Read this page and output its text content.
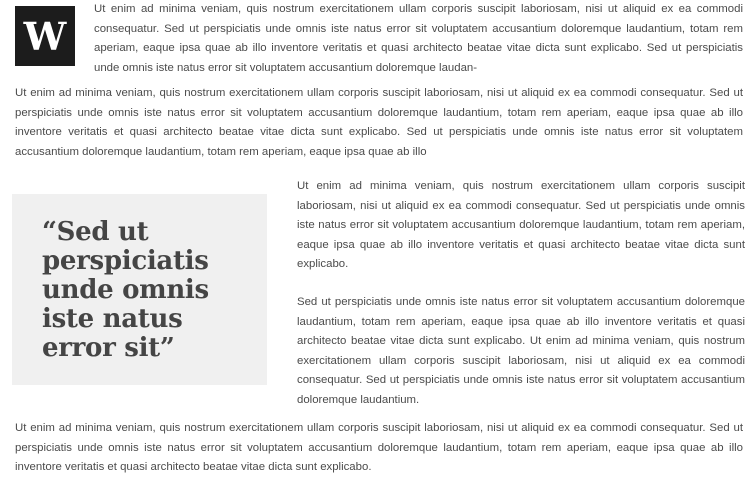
W

Ut enim ad minima veniam, quis nostrum exercitationem ullam corporis suscipit laboriosam, nisi ut aliquid ex ea commodi consequatur. Sed ut perspiciatis unde omnis iste natus error sit voluptatem accusantium doloremque laudantium, totam rem aperiam, eaque ipsa quae ab illo inventore veritatis et quasi architecto beatae vitae dicta sunt explicabo. Sed ut perspiciatis unde omnis iste natus error sit voluptatem accusantium doloremque laudan-

Ut enim ad minima veniam, quis nostrum exercitationem ullam corporis suscipit laboriosam, nisi ut aliquid ex ea commodi consequatur. Sed ut perspiciatis unde omnis iste natus error sit voluptatem accusantium doloremque laudantium, totam rem aperiam, eaque ipsa quae ab illo inventore veritatis et quasi architecto beatae vitae dicta sunt explicabo. Sed ut perspiciatis unde omnis iste natus error sit voluptatem accusantium doloremque laudantium, totam rem aperiam, eaque ipsa quae ab illo

“Sed ut perspiciatis unde omnis iste natus error sit”

Ut enim ad minima veniam, quis nostrum exercitationem ullam corporis suscipit laboriosam, nisi ut aliquid ex ea commodi consequatur. Sed ut perspiciatis unde omnis iste natus error sit voluptatem accusantium doloremque laudantium, totam rem aperiam, eaque ipsa quae ab illo inventore veritatis et quasi architecto beatae vitae dicta sunt explicabo.

Sed ut perspiciatis unde omnis iste natus error sit voluptatem accusantium doloremque laudantium, totam rem aperiam, eaque ipsa quae ab illo inventore veritatis et quasi architecto beatae vitae dicta sunt explicabo. Ut enim ad minima veniam, quis nostrum exercitationem ullam corporis suscipit laboriosam, nisi ut aliquid ex ea commodi consequatur. Sed ut perspiciatis unde omnis iste natus error sit voluptatem accusantium doloremque laudantium.

Ut enim ad minima veniam, quis nostrum exercitationem ullam corporis suscipit laboriosam, nisi ut aliquid ex ea commodi consequatur. Sed ut perspiciatis unde omnis iste natus error sit voluptatem accusantium doloremque laudantium, totam rem aperiam, eaque ipsa quae ab illo inventore veritatis et quasi architecto beatae vitae dicta sunt explicabo.
